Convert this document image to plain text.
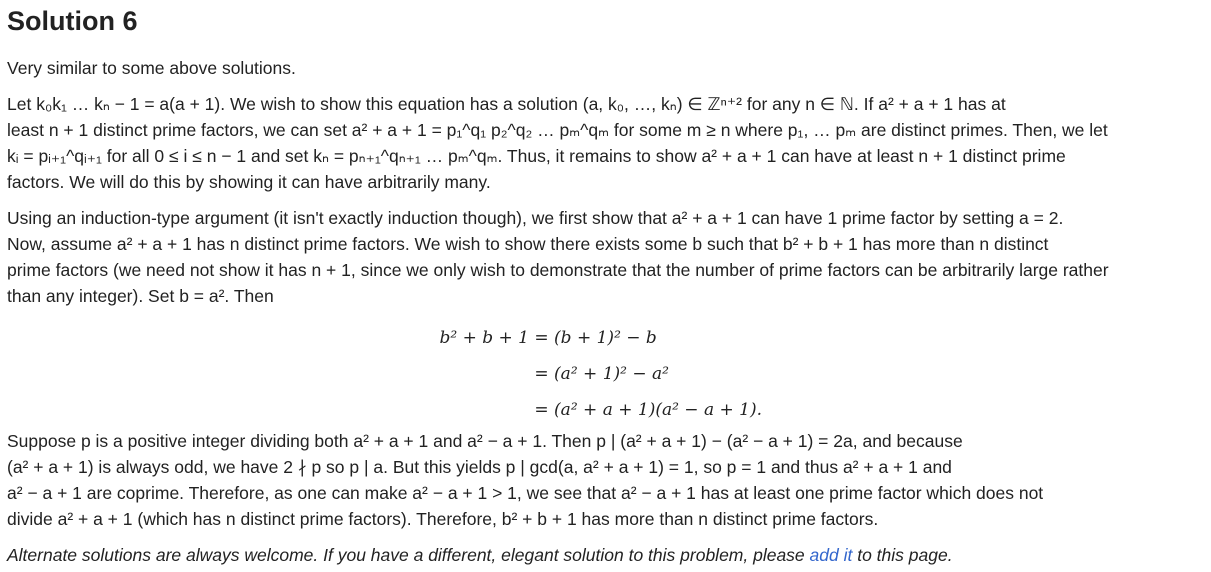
Solution 6
Very similar to some above solutions.
Let k₀k₁ … kₙ − 1 = a(a + 1). We wish to show this equation has a solution (a, k₀, …, kₙ) ∈ ℤⁿ⁺² for any n ∈ ℕ. If a² + a + 1 has at
least n + 1 distinct prime factors, we can set a² + a + 1 = p₁^q₁ p₂^q₂ … pₘ^qₘ for some m ≥ n where p₁, … pₘ are distinct primes. Then, we let
kᵢ = pᵢ₊₁^qᵢ₊₁ for all 0 ≤ i ≤ n − 1 and set kₙ = pₙ₊₁^qₙ₊₁ … pₘ^qₘ. Thus, it remains to show a² + a + 1 can have at least n + 1 distinct prime
factors. We will do this by showing it can have arbitrarily many.
Using an induction-type argument (it isn't exactly induction though), we first show that a² + a + 1 can have 1 prime factor by setting a = 2.
Now, assume a² + a + 1 has n distinct prime factors. We wish to show there exists some b such that b² + b + 1 has more than n distinct
prime factors (we need not show it has n + 1, since we only wish to demonstrate that the number of prime factors can be arbitrarily large rather
than any integer). Set b = a². Then
b² + b + 1 = (b + 1)² − b
= (a² + 1)² − a²
= (a² + a + 1)(a² − a + 1).
Suppose p is a positive integer dividing both a² + a + 1 and a² − a + 1. Then p | (a² + a + 1) − (a² − a + 1) = 2a, and because
(a² + a + 1) is always odd, we have 2 ∤ p so p | a. But this yields p | gcd(a, a² + a + 1) = 1, so p = 1 and thus a² + a + 1 and
a² − a + 1 are coprime. Therefore, as one can make a² − a + 1 > 1, we see that a² − a + 1 has at least one prime factor which does not
divide a² + a + 1 (which has n distinct prime factors). Therefore, b² + b + 1 has more than n distinct prime factors.
Alternate solutions are always welcome. If you have a different, elegant solution to this problem, please add it to this page.
